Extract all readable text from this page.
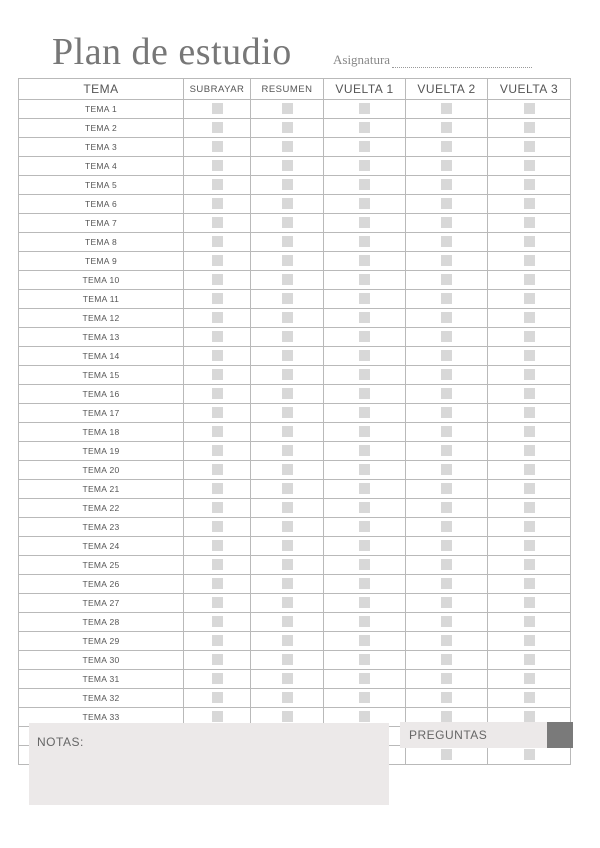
Plan de estudio	Asignatura
TEMA	SUBRAYAR	RESUMEN	VUELTA 1	VUELTA 2	VUELTA 3
TEMA 1					
TEMA 2					
TEMA 3					
TEMA 4					
TEMA 5					
TEMA 6					
TEMA 7					
TEMA 8					
TEMA 9					
TEMA 10					
TEMA 11					
TEMA 12					
TEMA 13					
TEMA 14					
TEMA 15					
TEMA 16					
TEMA 17					
TEMA 18					
TEMA 19					
TEMA 20					
TEMA 21					
TEMA 22					
TEMA 23					
TEMA 24					
TEMA 25					
TEMA 26					
TEMA 27					
TEMA 28					
TEMA 29					
TEMA 30					
TEMA 31					
TEMA 32					
TEMA 33					

NOTAS:	PREGUNTAS
